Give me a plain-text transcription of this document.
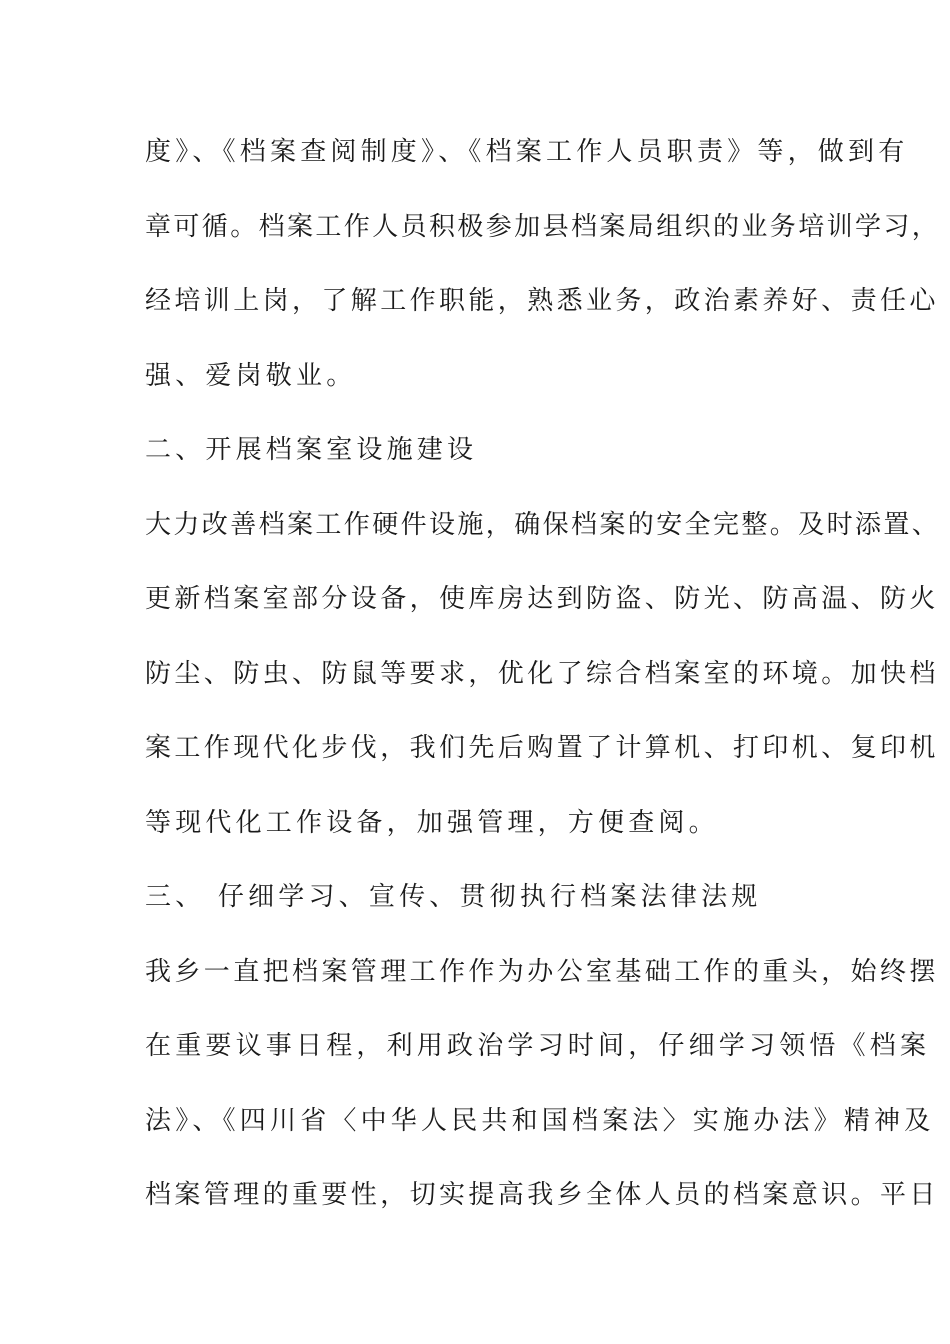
度》、《档案查阅制度》、《档案工作人员职责》等，做到有

章可循。档案工作人员积极参加县档案局组织的业务培训学习，

经培训上岗，了解工作职能，熟悉业务，政治素养好、责任心

强、爱岗敬业。

二、开展档案室设施建设

大力改善档案工作硬件设施，确保档案的安全完整。及时添置、

更新档案室部分设备，使库房达到防盗、防光、防高温、防火

防尘、防虫、防鼠等要求，优化了综合档案室的环境。加快档

案工作现代化步伐，我们先后购置了计算机、打印机、复印机

等现代化工作设备，加强管理，方便查阅。

三、 仔细学习、宣传、贯彻执行档案法律法规

我乡一直把档案管理工作作为办公室基础工作的重头，始终摆

在重要议事日程，利用政治学习时间，仔细学习领悟《档案

法》、《四川省〈中华人民共和国档案法〉实施办法》精神及

档案管理的重要性，切实提高我乡全体人员的档案意识。平日
